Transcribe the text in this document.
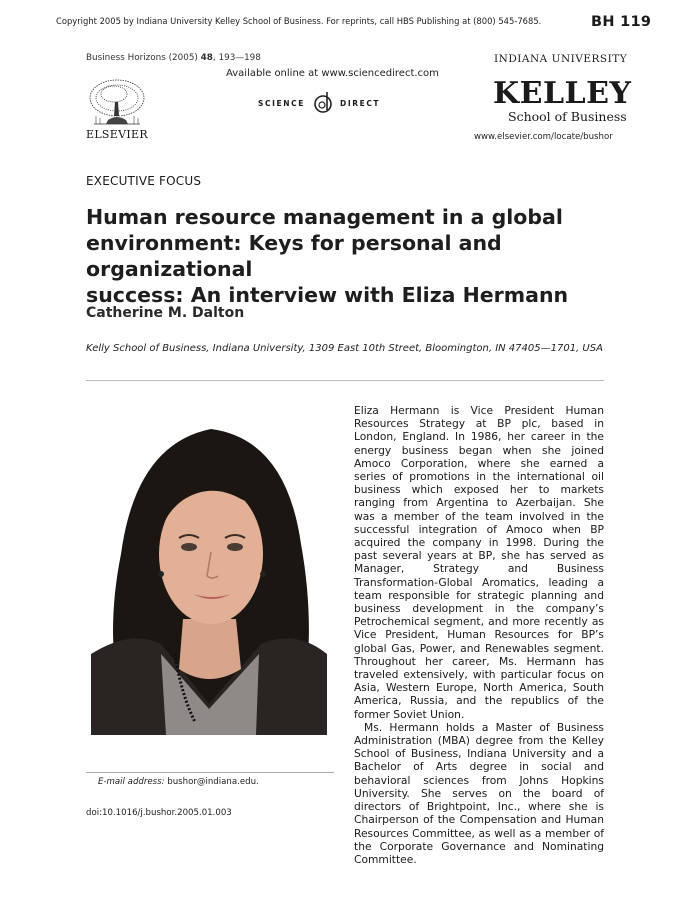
Copyright 2005 by Indiana University Kelley School of Business. For reprints, call HBS Publishing at (800) 545-7685.	BH 119
Business Horizons (2005) 48, 193—198
Available online at www.sciencedirect.com
ELSEVIER
SCIENCE	DIRECT
INDIANA UNIVERSITY
KELLEY
School of Business
www.elsevier.com/locate/bushor
EXECUTIVE FOCUS
Human resource management in a global
environment: Keys for personal and organizational
success: An interview with Eliza Hermann
Catherine M. Dalton
Kelly School of Business, Indiana University, 1309 East 10th Street, Bloomington, IN 47405—1701, USA

Eliza Hermann is Vice President Human Resources Strategy at BP plc, based in London, England. In 1986, her career in the energy business began when she joined Amoco Corporation, where she earned a series of promotions in the international oil business which exposed her to markets ranging from Argentina to Azerbaijan. She was a member of the team involved in the successful integration of Amoco when BP acquired the company in 1998. During the past several years at BP, she has served as Manager, Strategy and Business Transformation-Global Aromatics, leading a team responsible for strategic planning and business development in the company’s Petrochemical segment, and more recently as Vice President, Human Resources for BP’s global Gas, Power, and Renewables segment. Throughout her career, Ms. Hermann has traveled extensively, with particular focus on Asia, Western Europe, North America, South America, Russia, and the republics of the former Soviet Union.

Ms. Hermann holds a Master of Business Administration (MBA) degree from the Kelley School of Business, Indiana University and a Bachelor of Arts degree in social and behavioral sciences from Johns Hopkins University. She serves on the board of directors of Brightpoint, Inc., where she is Chairperson of the Compensation and Human Resources Committee, as well as a member of the Corporate Governance and Nominating Committee.

E-mail address: bushor@indiana.edu.
doi:10.1016/j.bushor.2005.01.003
